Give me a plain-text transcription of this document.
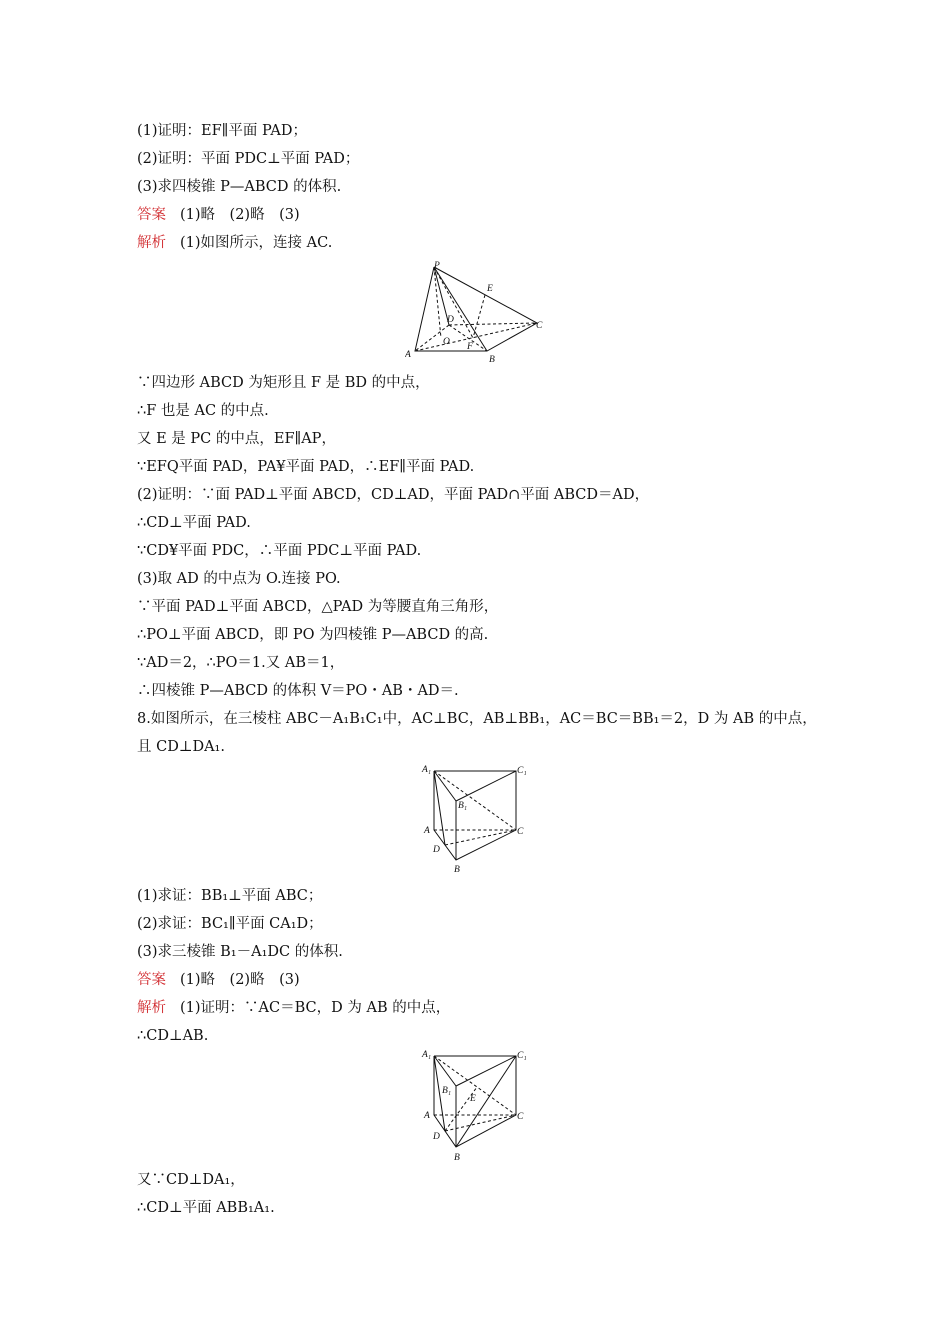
(1)证明：EF∥平面 PAD；
(2)证明：平面 PDC⊥平面 PAD；
(3)求四棱锥 P—ABCD 的体积.
答案 (1)略　(2)略　(3)
解析 (1)如图所示，连接 AC.
P
E
D
O
C
F
A	B
∵四边形 ABCD 为矩形且 F 是 BD 的中点，
∴F 也是 AC 的中点.
又 E 是 PC 的中点，EF∥AP，
∵EFQ平面 PAD，PA¥平面 PAD，∴EF∥平面 PAD.
(2)证明：∵面 PAD⊥平面 ABCD，CD⊥AD，平面 PAD∩平面 ABCD＝AD，
∴CD⊥平面 PAD.
∵CD¥平面 PDC，∴平面 PDC⊥平面 PAD.
(3)取 AD 的中点为 O.连接 PO.
∵平面 PAD⊥平面 ABCD，△PAD 为等腰直角三角形，
∴PO⊥平面 ABCD，即 PO 为四棱锥 P—ABCD 的高.
∵AD＝2，∴PO＝1.又 AB＝1，
∴四棱锥 P—ABCD 的体积 V＝PO・AB・AD＝.
8.如图所示，在三棱柱 ABC－A₁B₁C₁中，AC⊥BC，AB⊥BB₁，AC＝BC＝BB₁＝2，D 为 AB 的中点，
且 CD⊥DA₁.
A₁	C₁
B₁
A	C
D
B
(1)求证：BB₁⊥平面 ABC；
(2)求证：BC₁∥平面 CA₁D；
(3)求三棱锥 B₁－A₁DC 的体积.
答案 (1)略　(2)略　(3)
解析 (1)证明：∵AC＝BC，D 为 AB 的中点，
∴CD⊥AB.
A₁	C₁
B₁
E
A	C
D
B
又∵CD⊥DA₁，
∴CD⊥平面 ABB₁A₁.
